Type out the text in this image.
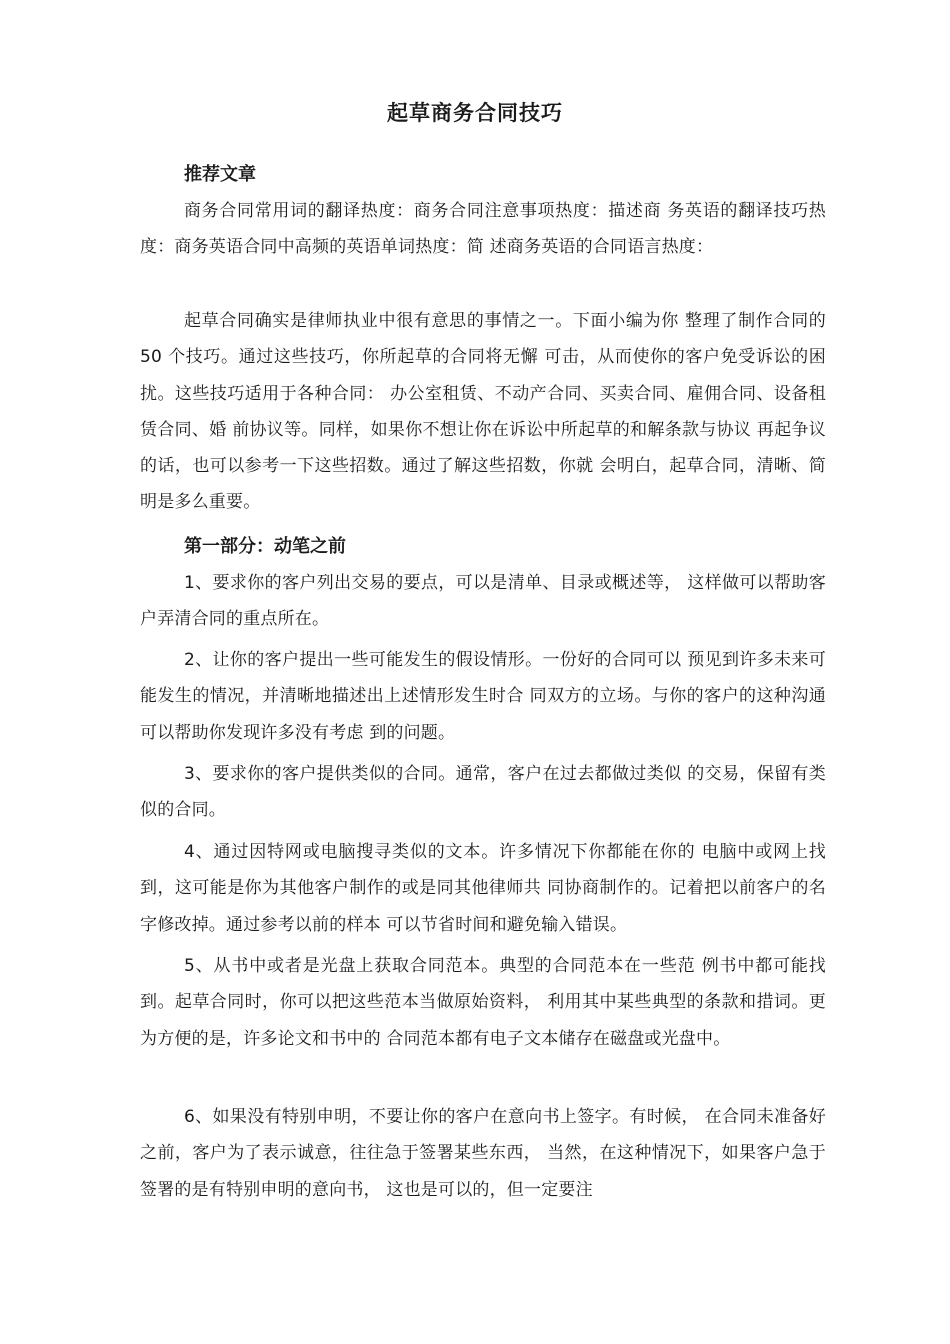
起草商务合同技巧
推荐文章

商务合同常用词的翻译热度：商务合同注意事项热度：描述商 务英语的翻译技巧热度：商务英语合同中高频的英语单词热度：简 述商务英语的合同语言热度：

起草合同确实是律师执业中很有意思的事情之一。下面小编为你 整理了制作合同的 50 个技巧。通过这些技巧，你所起草的合同将无懈 可击，从而使你的客户免受诉讼的困扰。这些技巧适用于各种合同： 办公室租赁、不动产合同、买卖合同、雇佣合同、设备租赁合同、婚 前协议等。同样，如果你不想让你在诉讼中所起草的和解条款与协议 再起争议的话，也可以参考一下这些招数。通过了解这些招数，你就 会明白，起草合同，清晰、简明是多么重要。

第一部分：动笔之前

1、要求你的客户列出交易的要点，可以是清单、目录或概述等， 这样做可以帮助客户弄清合同的重点所在。

2、让你的客户提出一些可能发生的假设情形。一份好的合同可以 预见到许多未来可能发生的情况，并清晰地描述出上述情形发生时合 同双方的立场。与你的客户的这种沟通可以帮助你发现许多没有考虑 到的问题。

3、要求你的客户提供类似的合同。通常，客户在过去都做过类似 的交易，保留有类似的合同。

4、通过因特网或电脑搜寻类似的文本。许多情况下你都能在你的 电脑中或网上找到，这可能是你为其他客户制作的或是同其他律师共 同协商制作的。记着把以前客户的名字修改掉。通过参考以前的样本 可以节省时间和避免输入错误。

5、从书中或者是光盘上获取合同范本。典型的合同范本在一些范 例书中都可能找到。起草合同时，你可以把这些范本当做原始资料， 利用其中某些典型的条款和措词。更为方便的是，许多论文和书中的 合同范本都有电子文本储存在磁盘或光盘中。

6、如果没有特别申明，不要让你的客户在意向书上签字。有时候， 在合同未准备好之前，客户为了表示诚意，往往急于签署某些东西， 当然，在这种情况下，如果客户急于签署的是有特别申明的意向书， 这也是可以的，但一定要注
